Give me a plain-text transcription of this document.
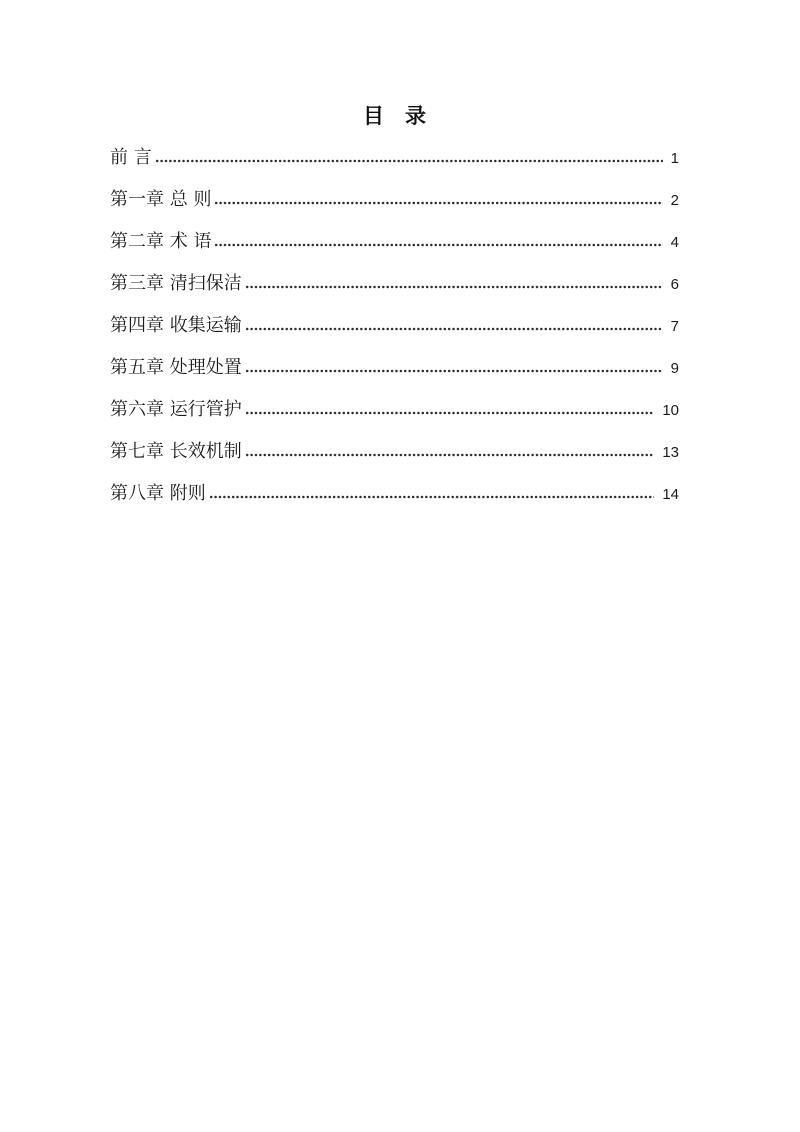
目　录
前 言	1
第一章 总 则	2
第二章 术 语	4
第三章 清扫保洁	6
第四章 收集运输	7
第五章 处理处置	9
第六章 运行管护	10
第七章 长效机制	13
第八章 附则	14
